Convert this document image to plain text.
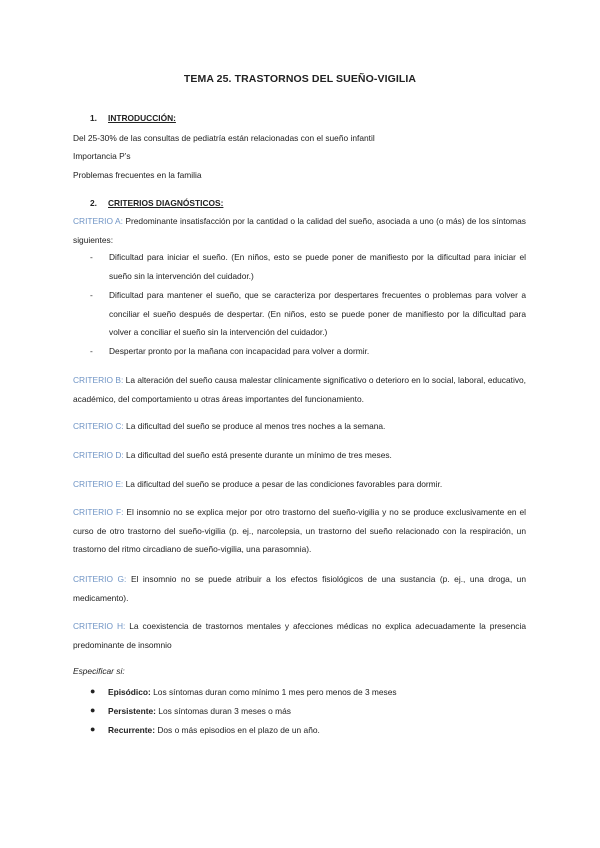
TEMA 25. TRASTORNOS DEL SUEÑO-VIGILIA
1. INTRODUCCIÓN:
Del 25-30% de las consultas de pediatría están relacionadas con el sueño infantil
Importancia P’s
Problemas frecuentes en la familia
2. CRITERIOS DIAGNÓSTICOS:

CRITERIO A: Predominante insatisfacción por la cantidad o la calidad del sueño, asociada a uno (o más) de los síntomas siguientes:

- Dificultad para iniciar el sueño. (En niños, esto se puede poner de manifiesto por la dificultad para iniciar el sueño sin la intervención del cuidador.)
- Dificultad para mantener el sueño, que se caracteriza por despertares frecuentes o problemas para volver a conciliar el sueño después de despertar. (En niños, esto se puede poner de manifiesto por la dificultad para volver a conciliar el sueño sin la intervención del cuidador.)
- Despertar pronto por la mañana con incapacidad para volver a dormir.

CRITERIO B: La alteración del sueño causa malestar clínicamente significativo o deterioro en lo social, laboral, educativo, académico, del comportamiento u otras áreas importantes del funcionamiento.

CRITERIO C: La dificultad del sueño se produce al menos tres noches a la semana.

CRITERIO D: La dificultad del sueño está presente durante un mínimo de tres meses.

CRITERIO E: La dificultad del sueño se produce a pesar de las condiciones favorables para dormir.

CRITERIO F: El insomnio no se explica mejor por otro trastorno del sueño-vigilia y no se produce exclusivamente en el curso de otro trastorno del sueño-vigilia (p. ej., narcolepsia, un trastorno del sueño relacionado con la respiración, un trastorno del ritmo circadiano de sueño-vigilia, una parasomnia).

CRITERIO G: El insomnio no se puede atribuir a los efectos fisiológicos de una sustancia (p. ej., una droga, un medicamento).

CRITERIO H: La coexistencia de trastornos mentales y afecciones médicas no explica adecuadamente la presencia predominante de insomnio

Especificar si:
● Episódico: Los síntomas duran como mínimo 1 mes pero menos de 3 meses
● Persistente: Los síntomas duran 3 meses o más
● Recurrente: Dos o más episodios en el plazo de un año.
